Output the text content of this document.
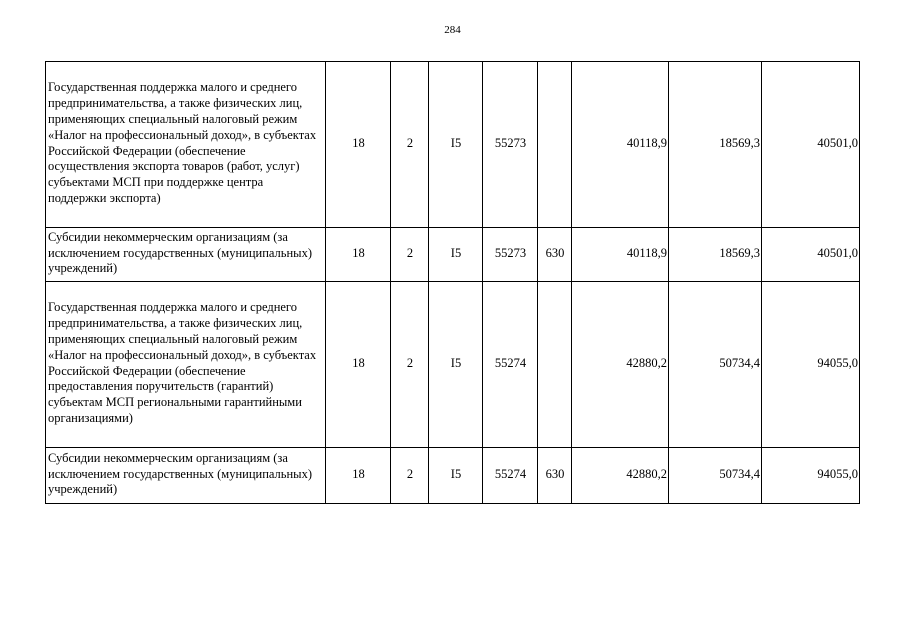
284
Государственная поддержка малого и среднего предпринимательства, а также физических лиц, применяющих специальный налоговый режим «Налог на профессиональный доход», в субъектах Российской Федерации (обеспечение осуществления экспорта товаров (работ, услуг) субъектами МСП при поддержке центра поддержки экспорта)	18	2	I5	55273		40118,9	18569,3	40501,0
Субсидии некоммерческим организациям (за исключением государственных (муниципальных) учреждений)	18	2	I5	55273	630	40118,9	18569,3	40501,0
Государственная поддержка малого и среднего предпринимательства, а также физических лиц, применяющих специальный налоговый режим «Налог на профессиональный доход», в субъектах Российской Федерации (обеспечение предоставления поручительств (гарантий) субъектам МСП региональными гарантийными организациями)	18	2	I5	55274		42880,2	50734,4	94055,0
Субсидии некоммерческим организациям (за исключением государственных (муниципальных) учреждений)	18	2	I5	55274	630	42880,2	50734,4	94055,0
